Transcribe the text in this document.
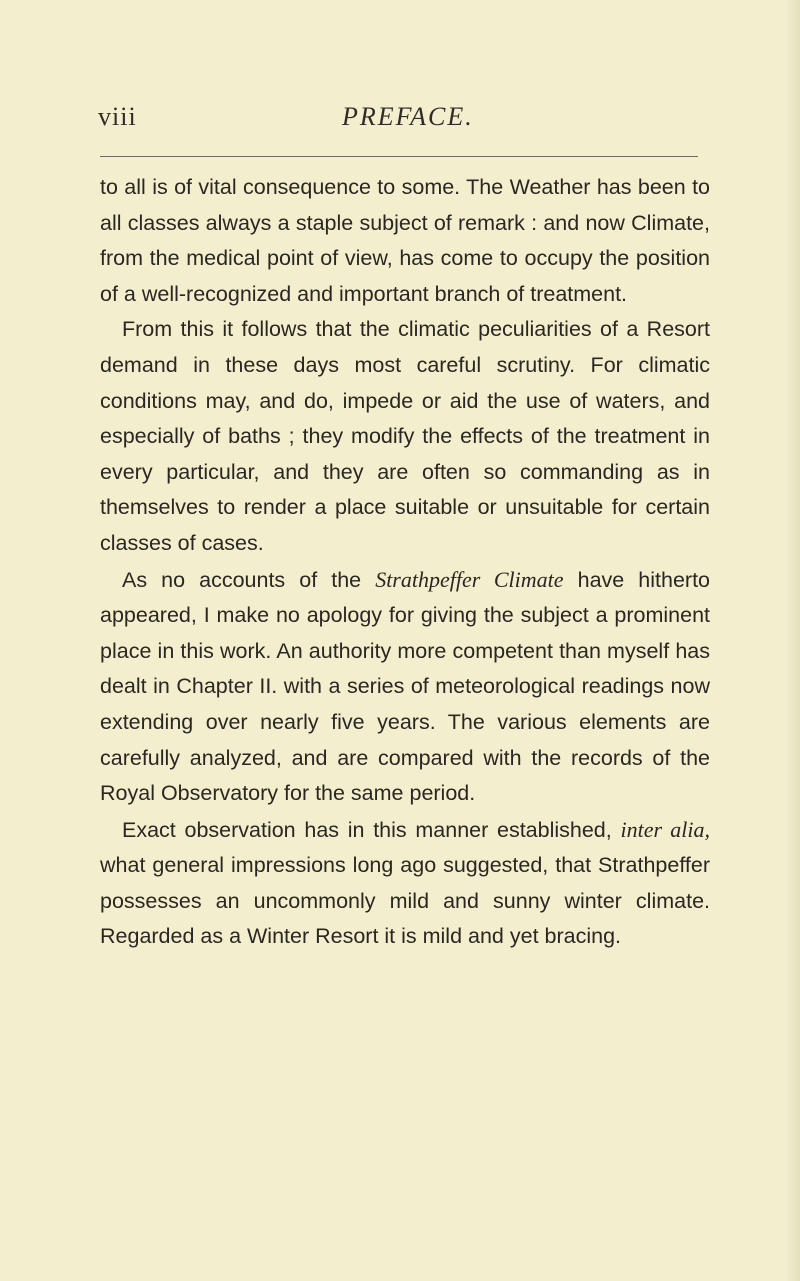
viii	PREFACE.

to all is of vital consequence to some. The Weather has been to all classes always a staple subject of remark : and now Climate, from the medical point of view, has come to occupy the position of a well-recognized and important branch of treatment.

From this it follows that the climatic peculiarities of a Resort demand in these days most careful scrutiny. For climatic conditions may, and do, impede or aid the use of waters, and especially of baths ; they modify the effects of the treatment in every particular, and they are often so commanding as in themselves to render a place suitable or unsuitable for certain classes of cases.

As no accounts of the Strathpeffer Climate have hitherto appeared, I make no apology for giving the subject a prominent place in this work. An authority more competent than myself has dealt in Chapter II. with a series of meteorological readings now extending over nearly five years. The various elements are carefully analyzed, and are compared with the records of the Royal Observatory for the same period.

Exact observation has in this manner established, inter alia, what general impressions long ago suggested, that Strathpeffer possesses an uncommonly mild and sunny winter climate. Regarded as a Winter Resort it is mild and yet bracing.
